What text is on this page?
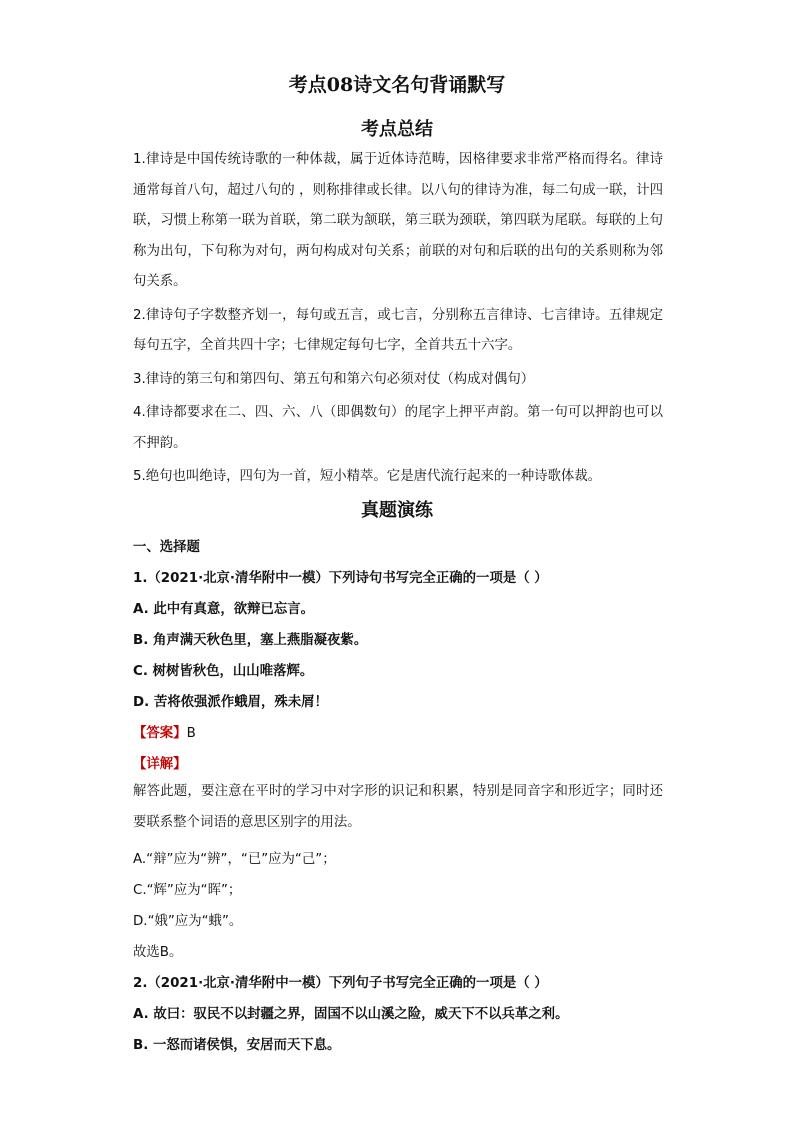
考点08诗文名句背诵默写
考点总结

1.律诗是中国传统诗歌的一种体裁，属于近体诗范畴，因格律要求非常严格而得名。律诗通常每首八句，超过八句的 ，则称排律或长律。以八句的律诗为准，每二句成一联，计四联，习惯上称第一联为首联，第二联为颔联，第三联为颈联，第四联为尾联。每联的上句称为出句，下句称为对句，两句构成对句关系；前联的对句和后联的出句的关系则称为邻句关系。

2.律诗句子字数整齐划一，每句或五言，或七言，分别称五言律诗、七言律诗。五律规定每句五字，全首共四十字；七律规定每句七字，全首共五十六字。

3.律诗的第三句和第四句、第五句和第六句必须对仗（构成对偶句）

4.律诗都要求在二、四、六、八（即偶数句）的尾字上押平声韵。第一句可以押韵也可以不押韵。

5.绝句也叫绝诗，四句为一首，短小精萃。它是唐代流行起来的一种诗歌体裁。

真题演练
一、选择题
1.（2021·北京·清华附中一模）下列诗句书写完全正确的一项是（ ）
A. 此中有真意，欲辩已忘言。
B. 角声满天秋色里，塞上燕脂凝夜紫。
C. 树树皆秋色，山山唯落辉。
D. 苦将侬强派作蛾眉，殊未屑！
【答案】B
【详解】

解答此题，要注意在平时的学习中对字形的识记和积累，特别是同音字和形近字；同时还要联系整个词语的意思区别字的用法。

A.“辩”应为“辨”，“已”应为“己”；
C.“辉”应为“晖”；
D.“娥”应为“蛾”。
故选B。
2.（2021·北京·清华附中一模）下列句子书写完全正确的一项是（ ）
A. 故曰：驭民不以封疆之界，固国不以山溪之险，威天下不以兵革之利。
B. 一怒而诸侯惧，安居而天下息。
